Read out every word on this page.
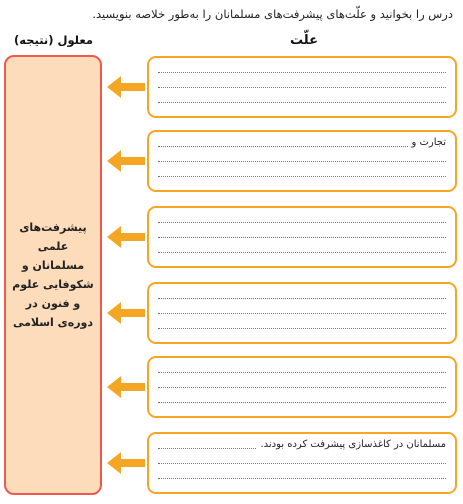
درس را بخوانید و علّت‌های پیشرفت‌های مسلمانان را به‌طور خلاصه بنویسید.
علّت
معلول (نتیجه)
پیشرفت‌های علمی مسلمانان و شکوفایی علوم و فنون در دوره‌ی اسلامی
تجارت و
مسلمانان در کاغذسازی پیشرفت کرده بودند.
